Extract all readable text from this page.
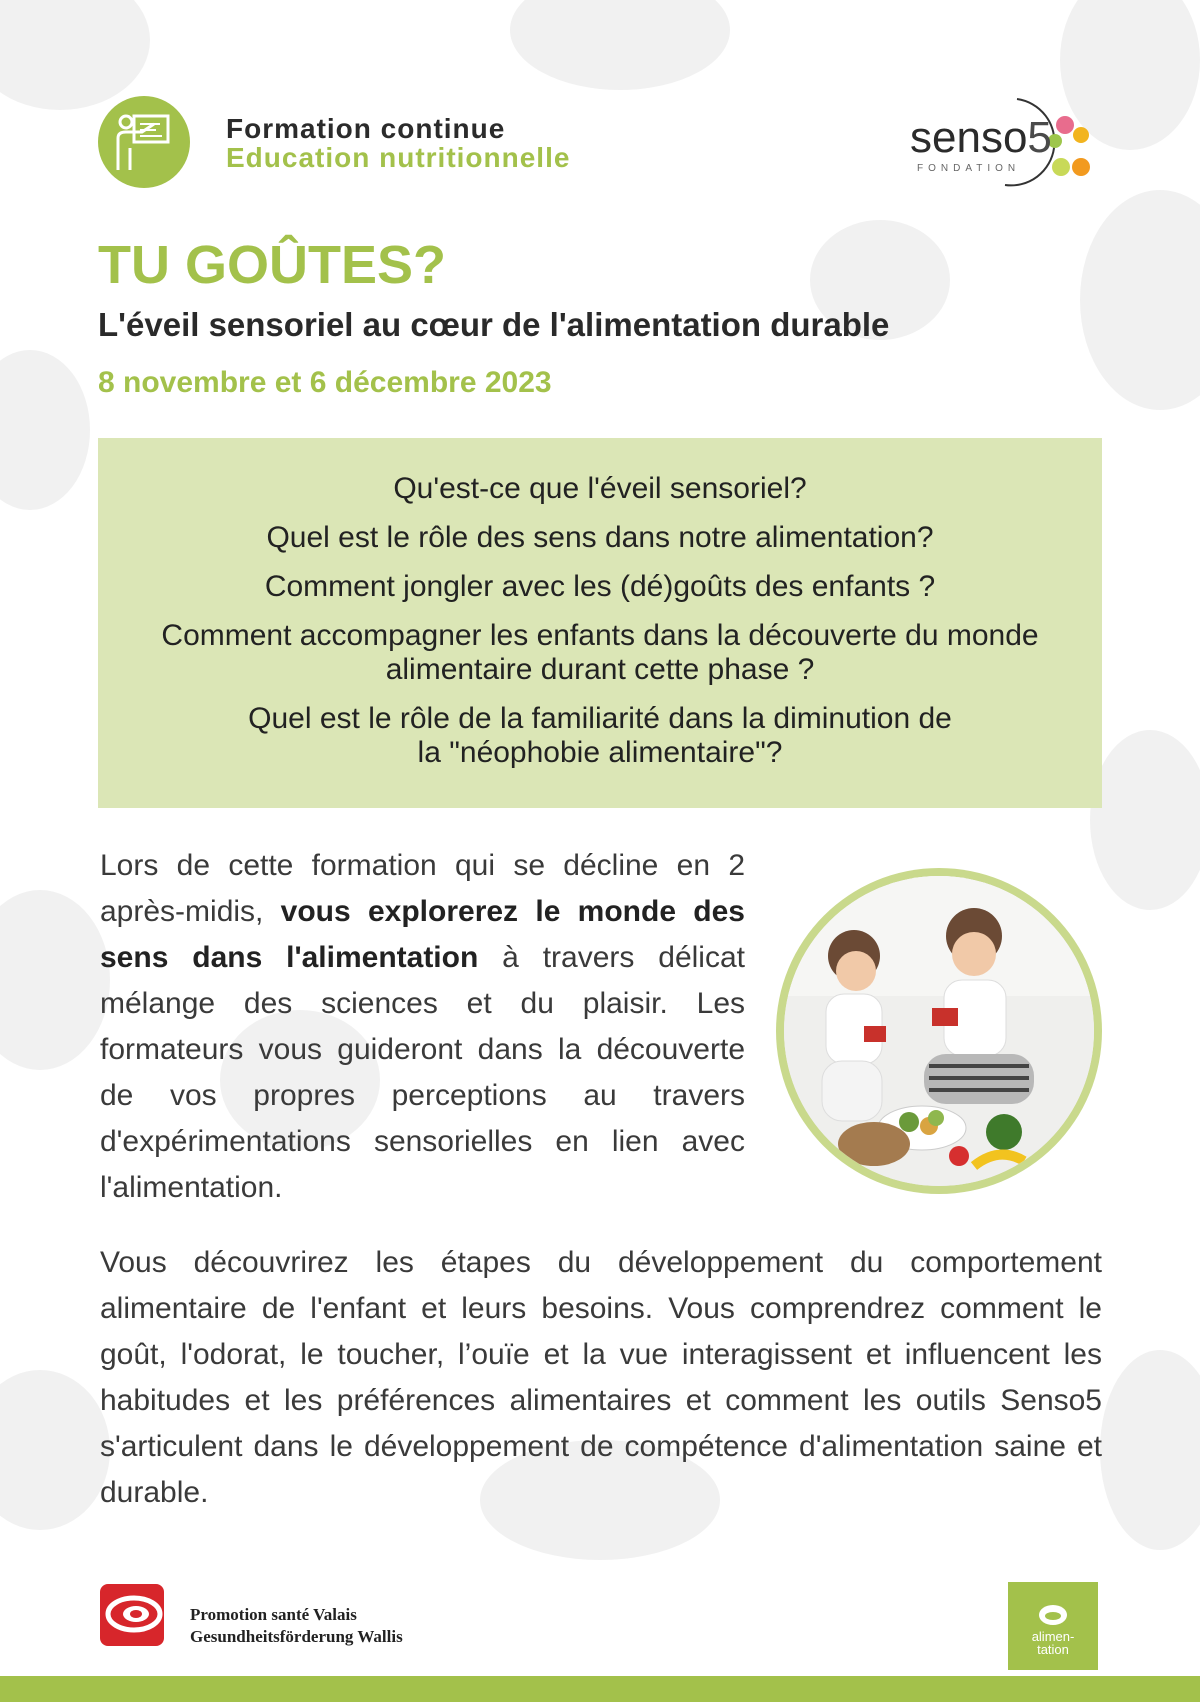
Formation continue
Education nutritionnelle	senso5
FONDATION
TU GOÛTES?
L'éveil sensoriel au cœur de l'alimentation durable
8 novembre et 6 décembre 2023
Qu'est-ce que l'éveil sensoriel?
Quel est le rôle des sens dans notre alimentation?
Comment jongler avec les (dé)goûts des enfants ?
Comment accompagner les enfants dans la découverte du monde alimentaire durant cette phase ?
Quel est le rôle de la familiarité dans la diminution de la "néophobie alimentaire"?
Lors de cette formation qui se décline en 2 après-midis, vous explorerez le monde des sens dans l'alimentation à travers délicat mélange des sciences et du plaisir. Les formateurs vous guideront dans la découverte de vos propres perceptions au travers d'expérimentations sensorielles en lien avec l'alimentation.
Vous découvrirez les étapes du développement du comportement alimentaire de l'enfant et leurs besoins. Vous comprendrez comment le goût, l'odorat, le toucher, l’ouïe et la vue interagissent et influencent les habitudes et les préférences alimentaires et comment les outils Senso5 s'articulent dans le développement de compétence d'alimentation saine et durable.
Promotion santé Valais
Gesundheitsförderung Wallis	alimen-
tation
